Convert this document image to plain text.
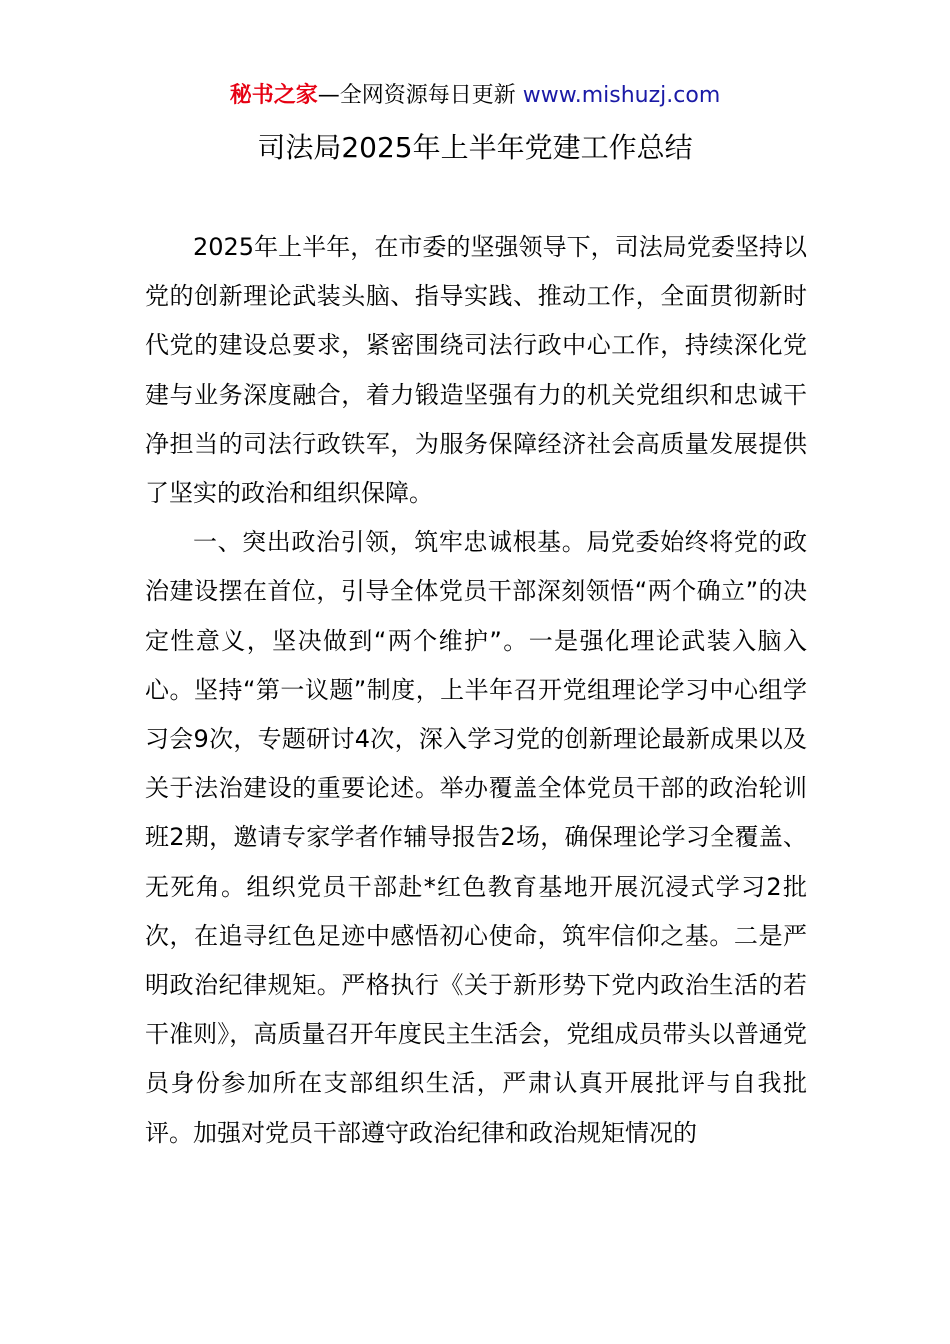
秘书之家—全网资源每日更新 www.mishuzj.com
司法局2025年上半年党建工作总结

2025年上半年，在市委的坚强领导下，司法局党委坚持以党的创新理论武装头脑、指导实践、推动工作，全面贯彻新时代党的建设总要求，紧密围绕司法行政中心工作，持续深化党建与业务深度融合，着力锻造坚强有力的机关党组织和忠诚干净担当的司法行政铁军，为服务保障经济社会高质量发展提供了坚实的政治和组织保障。

一、突出政治引领，筑牢忠诚根基。局党委始终将党的政治建设摆在首位，引导全体党员干部深刻领悟“两个确立”的决定性意义，坚决做到“两个维护”。一是强化理论武装入脑入心。坚持“第一议题”制度，上半年召开党组理论学习中心组学习会9次，专题研讨4次，深入学习党的创新理论最新成果以及关于法治建设的重要论述。举办覆盖全体党员干部的政治轮训班2期，邀请专家学者作辅导报告2场，确保理论学习全覆盖、无死角。组织党员干部赴*红色教育基地开展沉浸式学习2批次，在追寻红色足迹中感悟初心使命，筑牢信仰之基。二是严明政治纪律规矩。严格执行《关于新形势下党内政治生活的若干准则》，高质量召开年度民主生活会，党组成员带头以普通党员身份参加所在支部组织生活，严肃认真开展批评与自我批评。加强对党员干部遵守政治纪律和政治规矩情况的
